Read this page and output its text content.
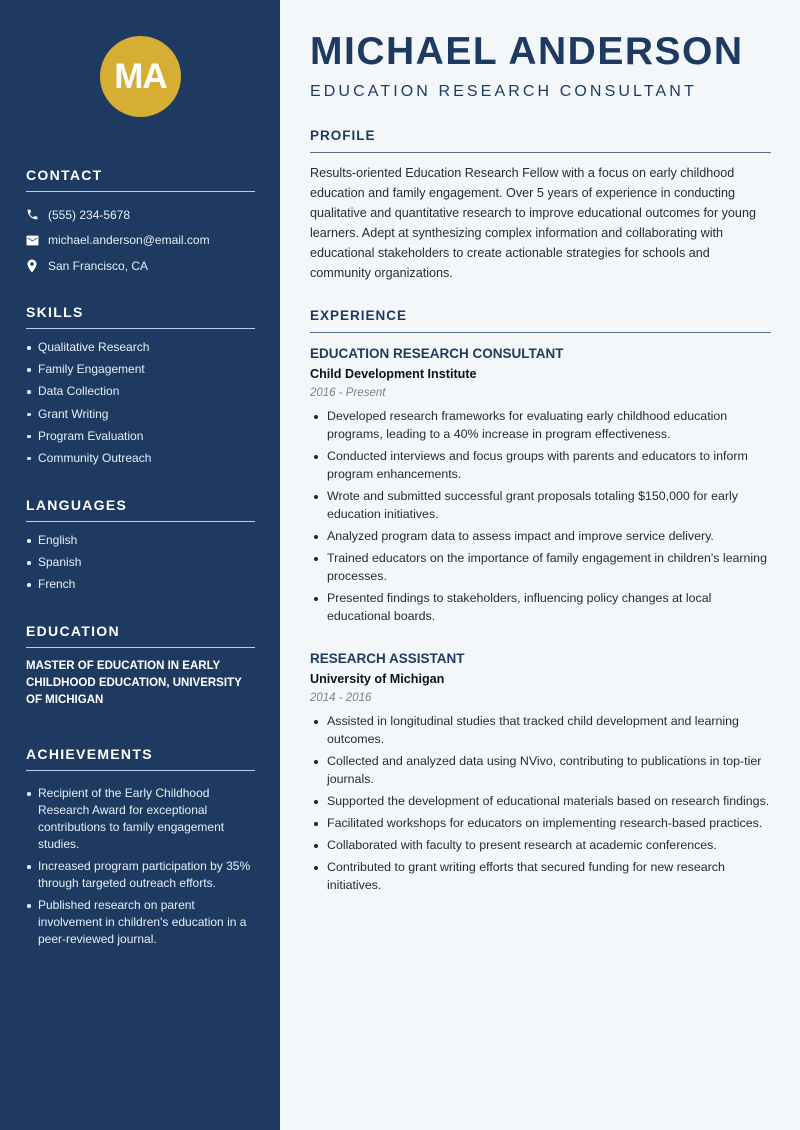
MA
CONTACT
(555) 234-5678
michael.anderson@email.com
San Francisco, CA
SKILLS
Qualitative Research
Family Engagement
Data Collection
Grant Writing
Program Evaluation
Community Outreach
LANGUAGES
English
Spanish
French
EDUCATION
MASTER OF EDUCATION IN EARLY CHILDHOOD EDUCATION, UNIVERSITY OF MICHIGAN
ACHIEVEMENTS
Recipient of the Early Childhood Research Award for exceptional contributions to family engagement studies.
Increased program participation by 35% through targeted outreach efforts.
Published research on parent involvement in children's education in a peer-reviewed journal.
MICHAEL ANDERSON
EDUCATION RESEARCH CONSULTANT
PROFILE

Results-oriented Education Research Fellow with a focus on early childhood education and family engagement. Over 5 years of experience in conducting qualitative and quantitative research to improve educational outcomes for young learners. Adept at synthesizing complex information and collaborating with educational stakeholders to create actionable strategies for schools and community organizations.

EXPERIENCE
EDUCATION RESEARCH CONSULTANT
Child Development Institute
2016 - Present
Developed research frameworks for evaluating early childhood education programs, leading to a 40% increase in program effectiveness.
Conducted interviews and focus groups with parents and educators to inform program enhancements.
Wrote and submitted successful grant proposals totaling $150,000 for early education initiatives.
Analyzed program data to assess impact and improve service delivery.
Trained educators on the importance of family engagement in children's learning processes.
Presented findings to stakeholders, influencing policy changes at local educational boards.
RESEARCH ASSISTANT
University of Michigan
2014 - 2016
Assisted in longitudinal studies that tracked child development and learning outcomes.
Collected and analyzed data using NVivo, contributing to publications in top-tier journals.
Supported the development of educational materials based on research findings.
Facilitated workshops for educators on implementing research-based practices.
Collaborated with faculty to present research at academic conferences.
Contributed to grant writing efforts that secured funding for new research initiatives.
